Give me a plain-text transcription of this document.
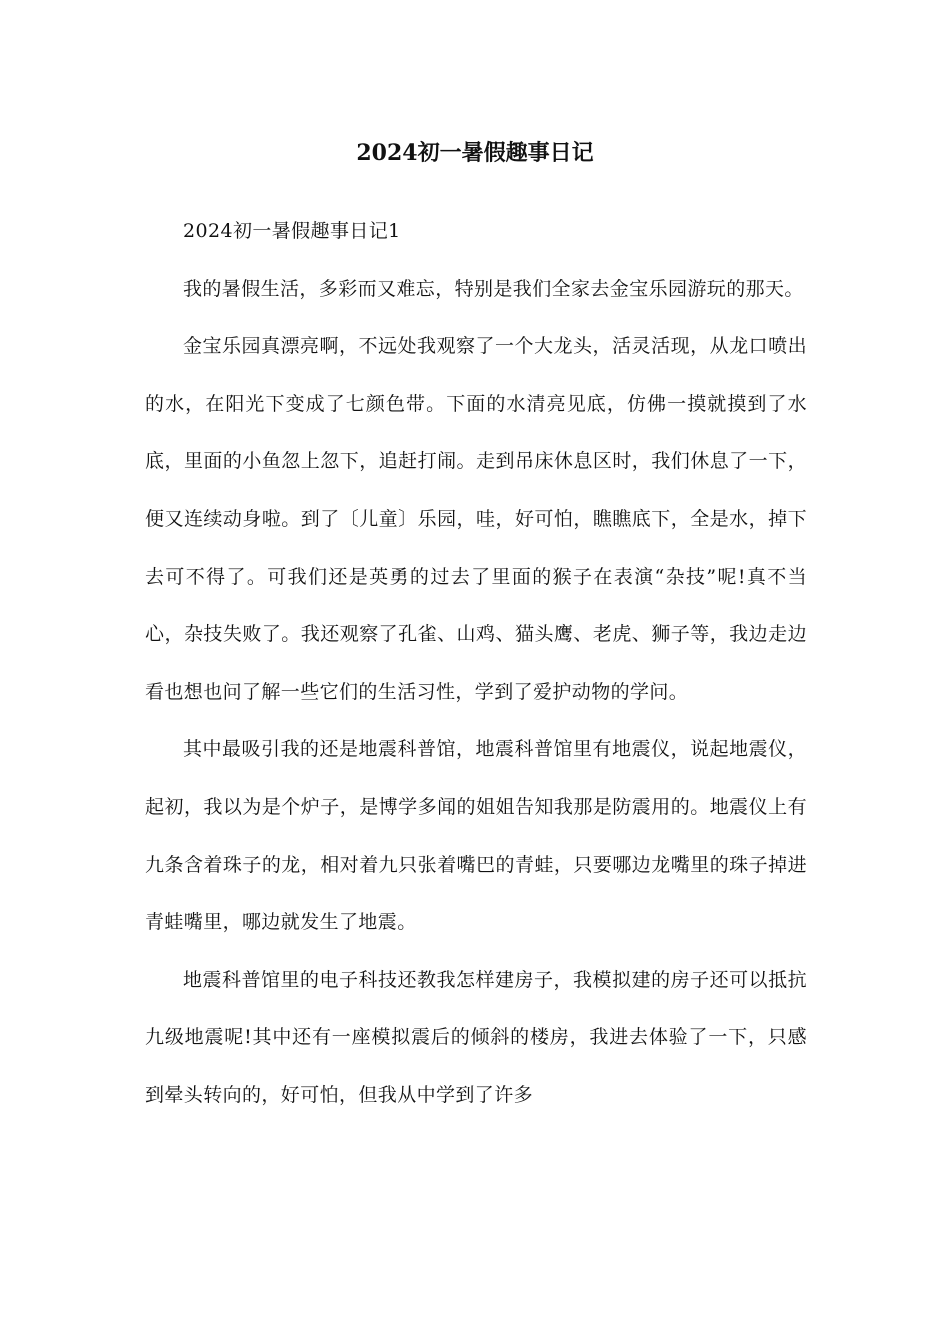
2024初一暑假趣事日记

2024初一暑假趣事日记1

我的暑假生活，多彩而又难忘，特别是我们全家去金宝乐园游玩的那天。

金宝乐园真漂亮啊，不远处我观察了一个大龙头，活灵活现，从龙口喷出的水，在阳光下变成了七颜色带。下面的水清亮见底，仿佛一摸就摸到了水底，里面的小鱼忽上忽下，追赶打闹。走到吊床休息区时，我们休息了一下，便又连续动身啦。到了〔儿童〕乐园，哇，好可怕，瞧瞧底下，全是水，掉下去可不得了。可我们还是英勇的过去了里面的猴子在表演“杂技”呢!真不当心，杂技失败了。我还观察了孔雀、山鸡、猫头鹰、老虎、狮子等，我边走边看也想也问了解一些它们的生活习性，学到了爱护动物的学问。

其中最吸引我的还是地震科普馆，地震科普馆里有地震仪，说起地震仪，起初，我以为是个炉子，是博学多闻的姐姐告知我那是防震用的。地震仪上有九条含着珠子的龙，相对着九只张着嘴巴的青蛙，只要哪边龙嘴里的珠子掉进青蛙嘴里，哪边就发生了地震。

地震科普馆里的电子科技还教我怎样建房子，我模拟建的房子还可以抵抗九级地震呢!其中还有一座模拟震后的倾斜的楼房，我进去体验了一下，只感到晕头转向的，好可怕，但我从中学到了许多
